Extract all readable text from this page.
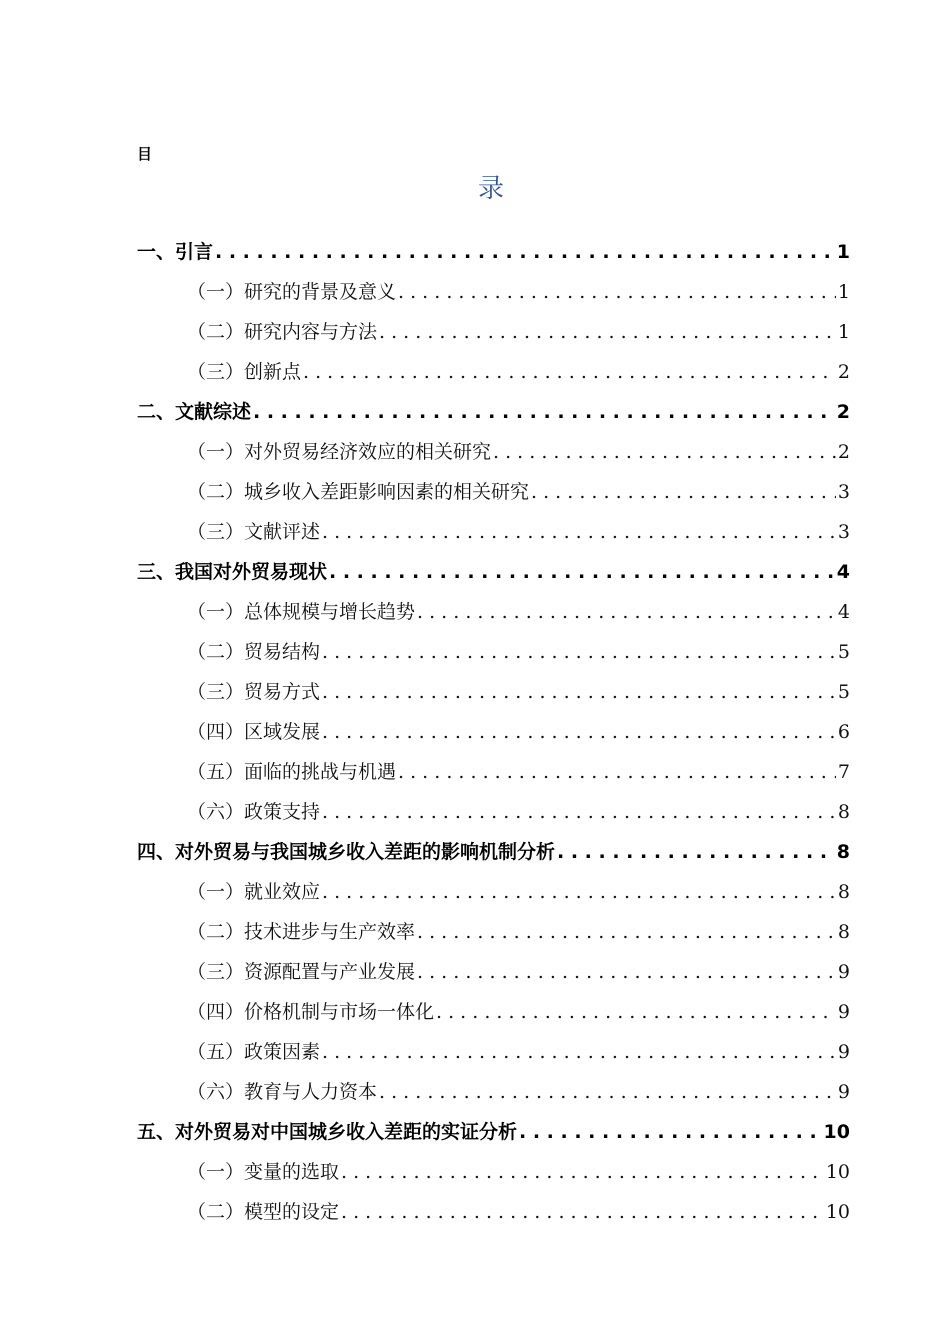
目
录
一、引言 . . .	1
（一）研究的背景及意义 . . .	1
（二）研究内容与方法 . . .	1
（三）创新点 . . .	2
二、文献综述 . . .	2
（一）对外贸易经济效应的相关研究 . . .	2
（二）城乡收入差距影响因素的相关研究 . . .	3
（三）文献评述 . . .	3
三、我国对外贸易现状 . . .	4
（一）总体规模与增长趋势 . . .	4
（二）贸易结构 . . .	5
（三）贸易方式 . . .	5
（四）区域发展 . . .	6
（五）面临的挑战与机遇 . . .	7
（六）政策支持 . . .	8
四、对外贸易与我国城乡收入差距的影响机制分析 . . .	8
（一）就业效应 . . .	8
（二）技术进步与生产效率 . . .	8
（三）资源配置与产业发展 . . .	9
（四）价格机制与市场一体化 . . .	9
（五）政策因素 . . .	9
（六）教育与人力资本 . . .	9
五、对外贸易对中国城乡收入差距的实证分析 . . .	10
（一）变量的选取 . . .	10
（二）模型的设定 . . .	10
